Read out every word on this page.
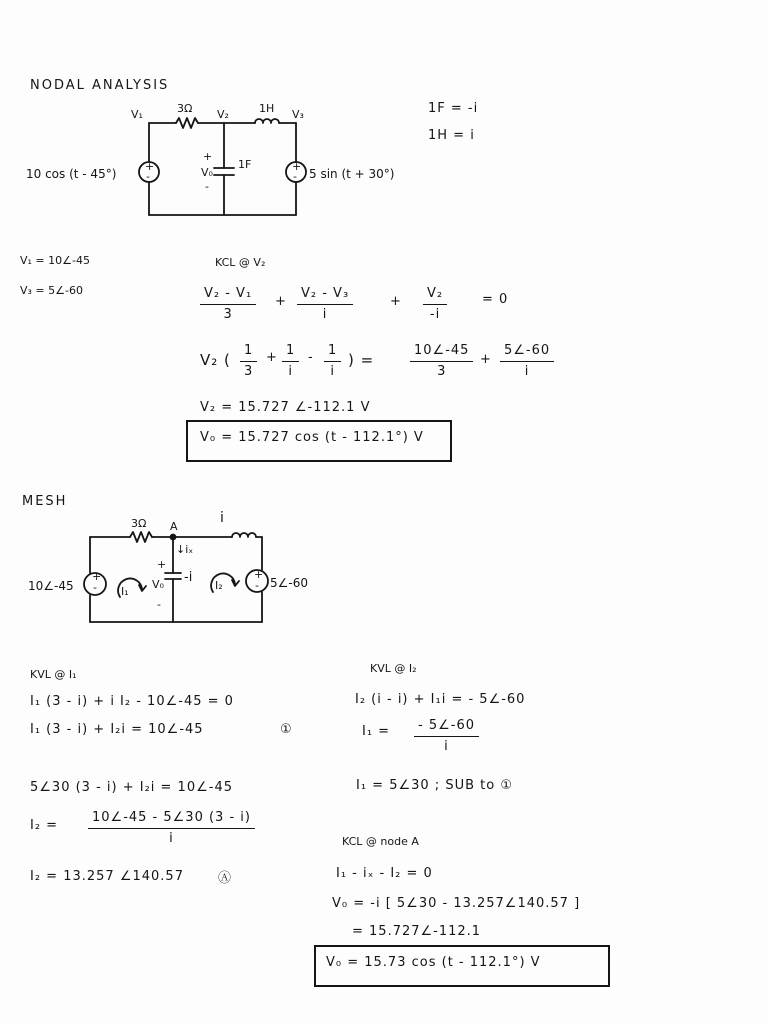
NODAL ANALYSIS
+
-
+
-
V₁	3Ω V₂	1H V₃
+
V₀
-
1F
10 cos (t - 45°)	5 sin (t + 30°)
+
-
+
-
3Ω A
i
↓iₓ
-i
+
V₀
-
I₁	I₂
10∠-45	5∠-60
1F = -i
1H = i
V₁ = 10∠-45
V₃ = 5∠-60
KCL @ V₂
$\frac{\text{V₂ - V₁}}{3} + \frac{\text{V₂ - V₃}}{i}$	+ $\frac{\text{V₂}}{-i}$	= 0
V₂ ( $\frac{1}{3} + \frac{1}{i} - \frac{1}{i}$ ) =	$\frac{10\angle-45}{3} + \frac{5\angle-60}{i}$
V₂ = 15.727 ∠-112.1 V
V₀ = 15.727 cos (t - 112.1°) V
MESH
KVL @ I₁
I₁ (3 - i) + i I₂ - 10∠-45 = 0
I₁ (3 - i) + I₂i = 10∠-45	①
KVL @ I₂
I₂ (i - i) + I₁i = - 5∠-60
$I_1 = \frac{- 5\angle-60}{i}$
5∠30 (3 - i) + I₂i = 10∠-45	I₁ = 5∠30 ; SUB to ①
$I_2 = \frac{10\angle-45 - 5\angle 30 (3 - i)}{i}$
I₂ = 13.257 ∠140.57	Ⓐ
KCL @ node A
I₁ - iₓ - I₂ = 0
V₀ = -i [ 5∠30 - 13.257∠140.57 ]
= 15.727∠-112.1
V₀ = 15.73 cos (t - 112.1°) V
